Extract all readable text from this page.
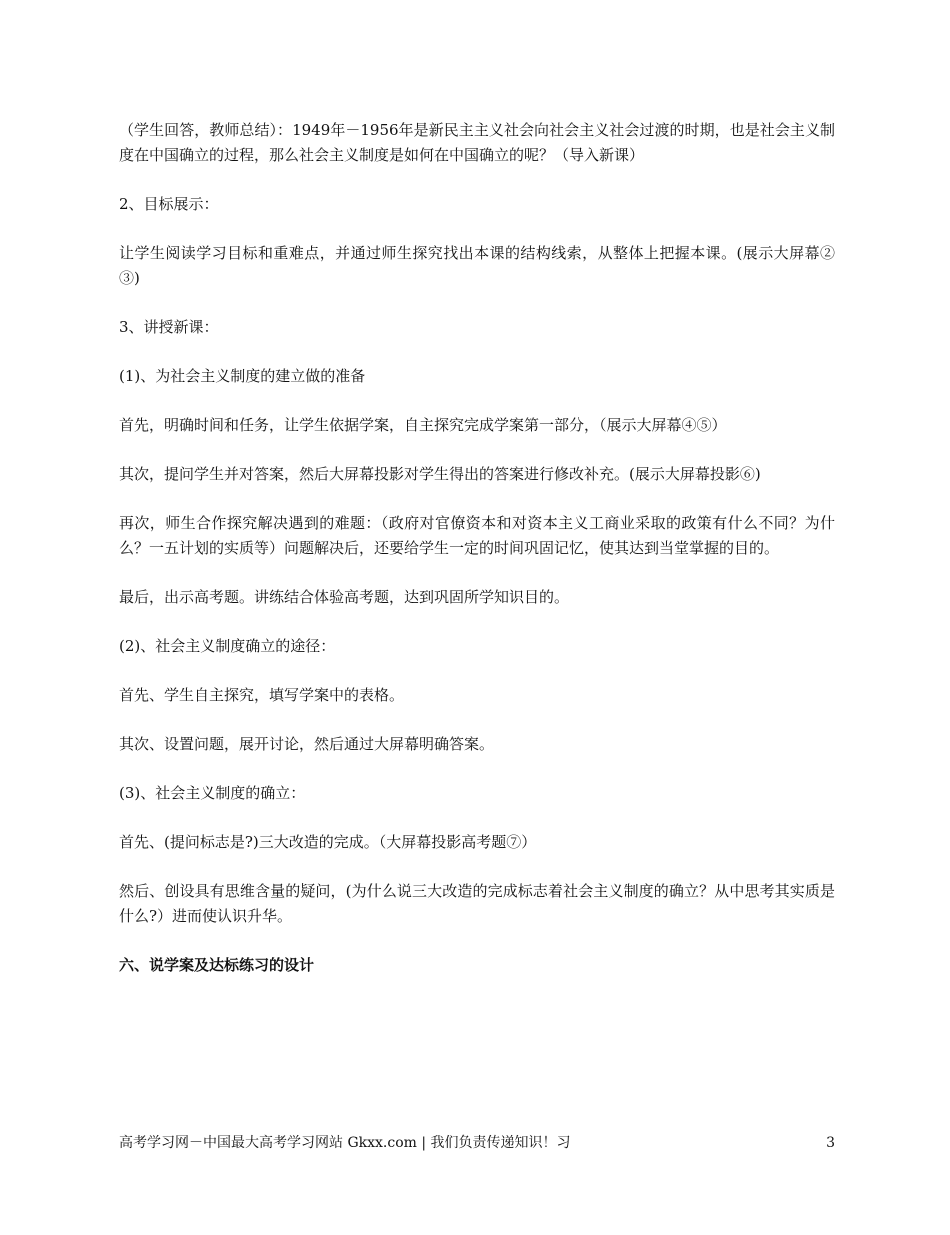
（学生回答，教师总结）：1949年－1956年是新民主主义社会向社会主义社会过渡的时期，也是社会主义制度在中国确立的过程，那么社会主义制度是如何在中国确立的呢？（导入新课）

2、目标展示：

让学生阅读学习目标和重难点，并通过师生探究找出本课的结构线索，从整体上把握本课。(展示大屏幕②③)

3、讲授新课：

(1)、为社会主义制度的建立做的准备

首先，明确时间和任务，让学生依据学案，自主探究完成学案第一部分，（展示大屏幕④⑤）

其次，提问学生并对答案，然后大屏幕投影对学生得出的答案进行修改补充。(展示大屏幕投影⑥)

再次，师生合作探究解决遇到的难题：（政府对官僚资本和对资本主义工商业采取的政策有什么不同？为什么？一五计划的实质等）问题解决后，还要给学生一定的时间巩固记忆，使其达到当堂掌握的目的。

最后，出示高考题。讲练结合体验高考题，达到巩固所学知识目的。

(2)、社会主义制度确立的途径：

首先、学生自主探究，填写学案中的表格。

其次、设置问题，展开讨论，然后通过大屏幕明确答案。

(3)、社会主义制度的确立：

首先、(提问标志是?)三大改造的完成。（大屏幕投影高考题⑦）

然后、创设具有思维含量的疑问，(为什么说三大改造的完成标志着社会主义制度的确立？从中思考其实质是什么?）进而使认识升华。

六、说学案及达标练习的设计

高考学习网－中国最大高考学习网站 Gkxx.com | 我们负责传递知识！习	3
